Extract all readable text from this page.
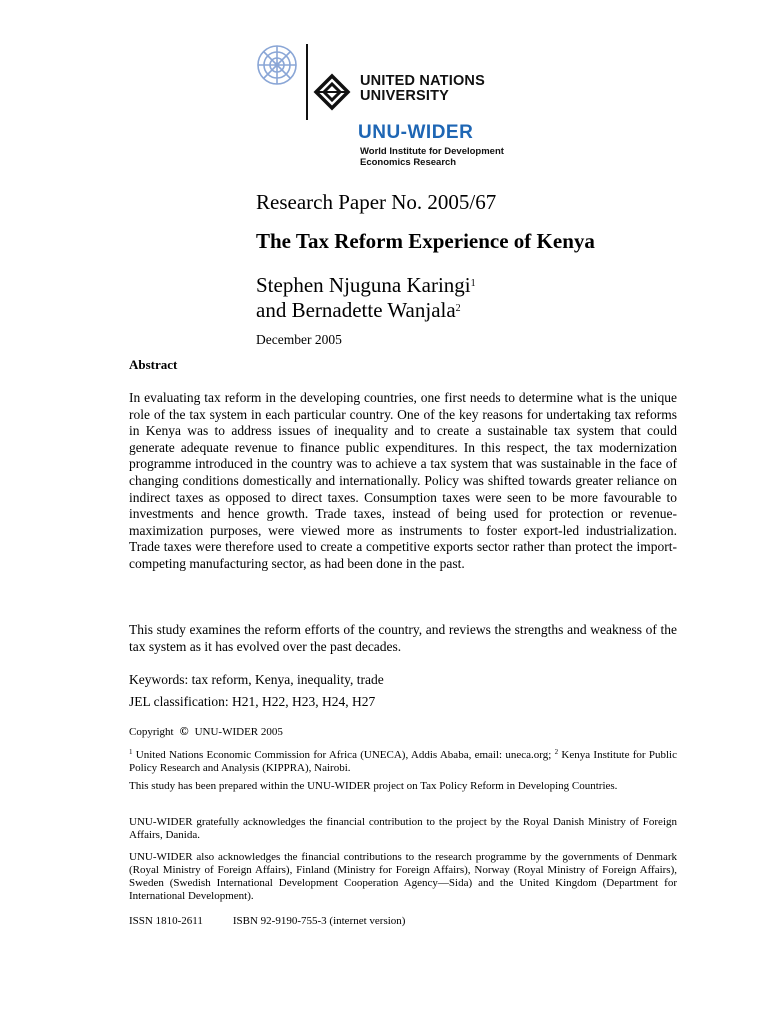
UNITED NATIONS
UNIVERSITY
UNU-WIDER
World Institute for Development
Economics Research
Research Paper No. 2005/67
The Tax Reform Experience of Kenya
Stephen Njuguna Karingi$^1$
and Bernadette Wanjala$^2$
December 2005
Abstract
In evaluating tax reform in the developing countries, one first needs to determine what is the unique role of the tax system in each particular country. One of the key reasons for undertaking tax reforms in Kenya was to address issues of inequality and to create a sustainable tax system that could generate adequate revenue to finance public expenditures. In this respect, the tax modernization programme introduced in the country was to achieve a tax system that was sustainable in the face of changing conditions domestically and internationally. Policy was shifted towards greater reliance on indirect taxes as opposed to direct taxes. Consumption taxes were seen to be more favourable to investments and hence growth. Trade taxes, instead of being used for protection or revenue-maximization purposes, were viewed more as instruments to foster export-led industrialization. Trade taxes were therefore used to create a competitive exports sector rather than protect the import-competing manufacturing sector, as had been done in the past.
This study examines the reform efforts of the country, and reviews the strengths and weakness of the tax system as it has evolved over the past decades.
Keywords: tax reform, Kenya, inequality, trade
JEL classification: H21, H22, H23, H24, H27
Copyright © UNU-WIDER 2005
$^1$ United Nations Economic Commission for Africa (UNECA), Addis Ababa, email: uneca.org; $^2$ Kenya Institute for Public Policy Research and Analysis (KIPPRA), Nairobi.
This study has been prepared within the UNU-WIDER project on Tax Policy Reform in Developing Countries.
UNU-WIDER gratefully acknowledges the financial contribution to the project by the Royal Danish Ministry of Foreign Affairs, Danida.
UNU-WIDER also acknowledges the financial contributions to the research programme by the governments of Denmark (Royal Ministry of Foreign Affairs), Finland (Ministry for Foreign Affairs), Norway (Royal Ministry of Foreign Affairs), Sweden (Swedish International Development Cooperation Agency—Sida) and the United Kingdom (Department for International Development).
ISSN 1810-2611	ISBN 92-9190-755-3 (internet version)
